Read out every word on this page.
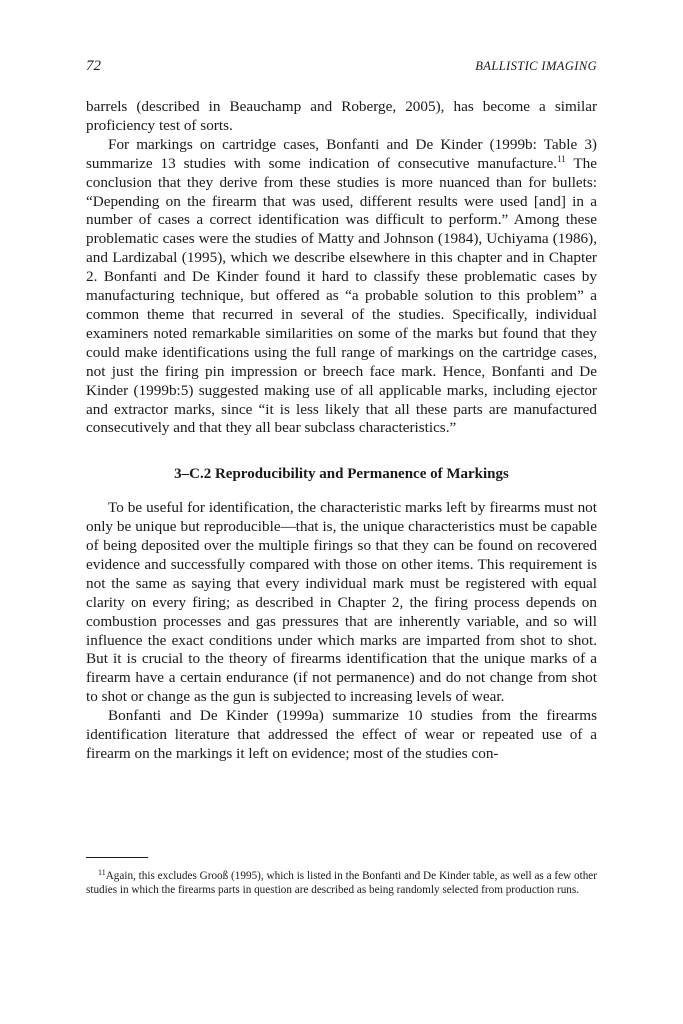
72	BALLISTIC IMAGING

barrels (described in Beauchamp and Roberge, 2005), has become a similar proficiency test of sorts.

For markings on cartridge cases, Bonfanti and De Kinder (1999b: Table 3) summarize 13 studies with some indication of consecutive manufacture.$^{11}$ The conclusion that they derive from these studies is more nuanced than for bullets: “Depending on the firearm that was used, different results were used [and] in a number of cases a correct identification was difficult to perform.” Among these problematic cases were the studies of Matty and Johnson (1984), Uchiyama (1986), and Lardizabal (1995), which we describe elsewhere in this chapter and in Chapter 2. Bonfanti and De Kinder found it hard to classify these problematic cases by manufacturing technique, but offered as “a probable solution to this problem” a common theme that recurred in several of the studies. Specifically, individual examiners noted remarkable similarities on some of the marks but found that they could make identifications using the full range of markings on the cartridge cases, not just the firing pin impression or breech face mark. Hence, Bonfanti and De Kinder (1999b:5) suggested making use of all applicable marks, including ejector and extractor marks, since “it is less likely that all these parts are manufactured consecutively and that they all bear subclass characteristics.”

3–C.2 Reproducibility and Permanence of Markings

To be useful for identification, the characteristic marks left by firearms must not only be unique but reproducible—that is, the unique characteristics must be capable of being deposited over the multiple firings so that they can be found on recovered evidence and successfully compared with those on other items. This requirement is not the same as saying that every individual mark must be registered with equal clarity on every firing; as described in Chapter 2, the firing process depends on combustion processes and gas pressures that are inherently variable, and so will influence the exact conditions under which marks are imparted from shot to shot. But it is crucial to the theory of firearms identification that the unique marks of a firearm have a certain endurance (if not permanence) and do not change from shot to shot or change as the gun is subjected to increasing levels of wear.

Bonfanti and De Kinder (1999a) summarize 10 studies from the firearms identification literature that addressed the effect of wear or repeated use of a firearm on the markings it left on evidence; most of the studies con-

$^{11}$Again, this excludes Grooß (1995), which is listed in the Bonfanti and De Kinder table, as well as a few other studies in which the firearms parts in question are described as being randomly selected from production runs.
